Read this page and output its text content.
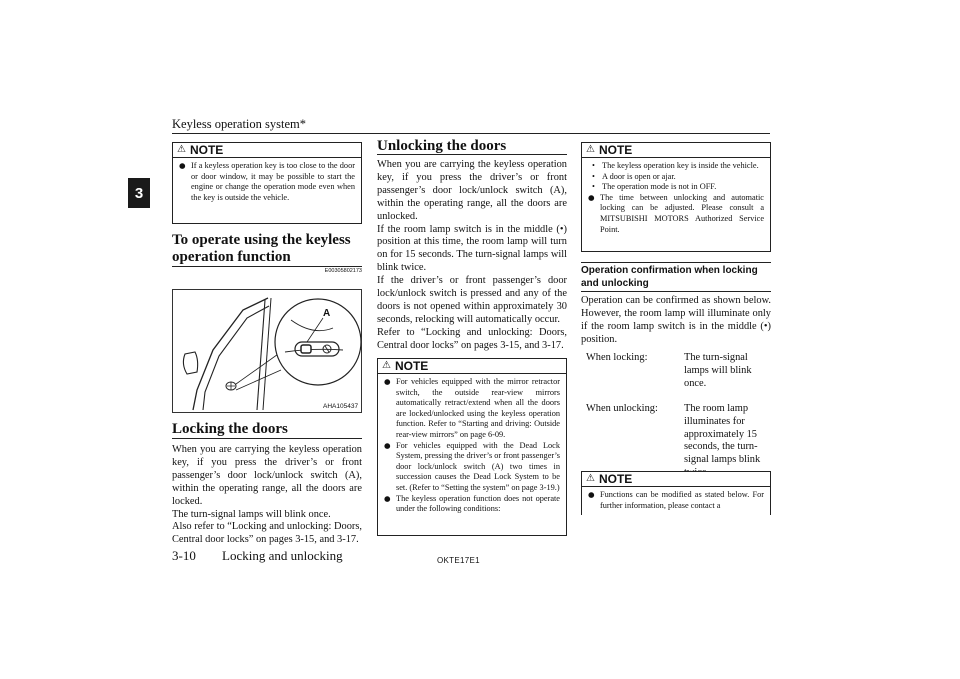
Keyless operation system*
3
⚠ NOTE
● If a keyless operation key is too close to the door or door window, it may be possible to start the engine or change the operation mode even when the key is outside the vehicle.
To operate using the keyless operation function
E00305802173
A
AHA105437
Locking the doors
When you are carrying the keyless operation key, if you press the driver’s or front passenger’s door lock/unlock switch (A), within the operating range, all the doors are locked.
The turn-signal lamps will blink once.
Also refer to “Locking and unlocking: Doors, Central door locks” on pages 3-15, and 3-17.
Unlocking the doors
When you are carrying the keyless operation key, if you press the driver’s or front passenger’s door lock/unlock switch (A), within the operating range, all the doors are unlocked.
If the room lamp switch is in the middle (•) position at this time, the room lamp will turn on for 15 seconds. The turn-signal lamps will blink twice.
If the driver’s or front passenger’s door lock/unlock switch is pressed and any of the doors is not opened within approximately 30 seconds, relocking will automatically occur.
Refer to “Locking and unlocking: Doors, Central door locks” on pages 3-15, and 3-17.
⚠ NOTE
● For vehicles equipped with the mirror retractor switch, the outside rear-view mirrors automatically retract/extend when all the doors are locked/unlocked using the keyless operation function. Refer to “Starting and driving: Outside rear-view mirrors” on page 6-09.
● For vehicles equipped with the Dead Lock System, pressing the driver’s or front passenger’s door lock/unlock switch (A) two times in succession causes the Dead Lock System to be set. (Refer to “Setting the system” on page 3-19.)
● The keyless operation function does not operate under the following conditions:
⚠ NOTE
• The keyless operation key is inside the vehicle.
• A door is open or ajar.
• The operation mode is not in OFF.
● The time between unlocking and automatic locking can be adjusted. Please consult a MITSUBISHI MOTORS Authorized Service Point.
Operation confirmation when locking and unlocking
Operation can be confirmed as shown below. However, the room lamp will illuminate only if the room lamp switch is in the middle (•) position.
When locking:	The turn-signal lamps will blink once.
When unlocking:	The room lamp illuminates for approximately 15 seconds, the turn-signal lamps blink
⚠ NOTE
● Functions can be modified as stated below. For further information, please contact a
3-10 Locking and unlocking	OKTE17E1
